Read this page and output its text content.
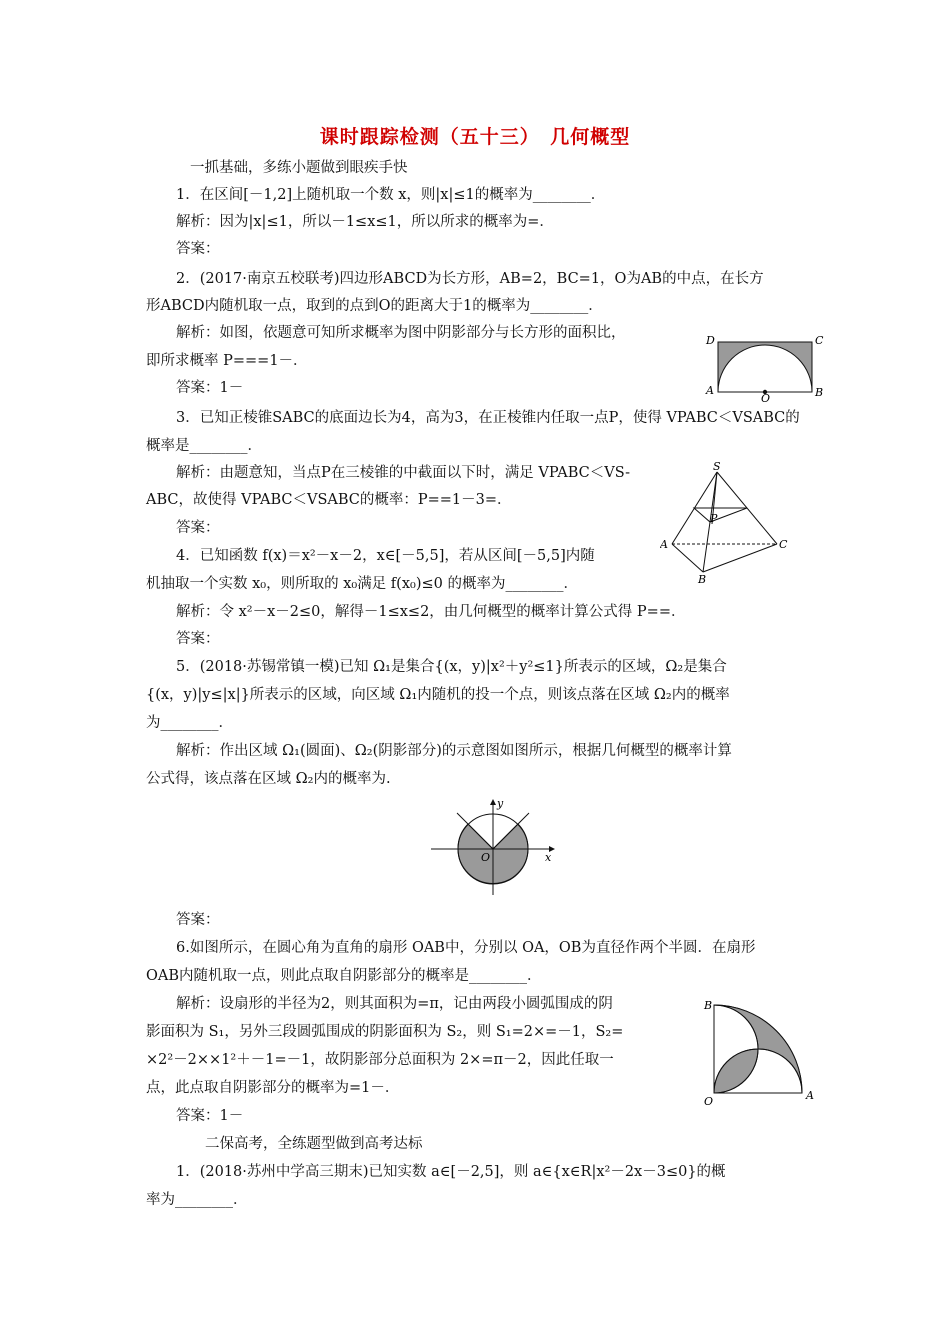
课时跟踪检测（五十三）　几何概型
一抓基础，多练小题做到眼疾手快
1．在区间[－1,2]上随机取一个数 x，则|x|≤1的概率为________．
解析：因为|x|≤1，所以－1≤x≤1，所以所求的概率为=．
答案：
2．(2017·南京五校联考)四边形ABCD为长方形，AB=2，BC=1，O为AB的中点，在长方
形ABCD内随机取一点，取到的点到O的距离大于1的概率为________．
解析：如图，依题意可知所求概率为图中阴影部分与长方形的面积比，
即所求概率 P===1－．
答案：1－
D	C
A
O	B
3．已知正棱锥SABC的底面边长为4，高为3，在正棱锥内任取一点P，使得 VPABC＜VSABC的
概率是________．
解析：由题意知，当点P在三棱锥的中截面以下时，满足 VPABC＜VS-
ABC，故使得 VPABC＜VSABC的概率：P==1－3=．
答案：
S
P
A	C
B
4．已知函数 f(x)＝x²－x－2，x∈[－5,5]，若从区间[－5,5]内随
机抽取一个实数 x₀，则所取的 x₀满足 f(x₀)≤0 的概率为________．
解析：令 x²－x－2≤0，解得－1≤x≤2，由几何概型的概率计算公式得 P==．
答案：
5．(2018·苏锡常镇一模)已知 Ω₁是集合{(x，y)|x²＋y²≤1}所表示的区域，Ω₂是集合
{(x，y)|y≤|x|}所表示的区域，向区域 Ω₁内随机的投一个点，则该点落在区域 Ω₂内的概率
为________．
解析：作出区域 Ω₁(圆面)、Ω₂(阴影部分)的示意图如图所示，根据几何概型的概率计算
公式得，该点落在区域 Ω₂内的概率为.
y
O	x
答案：
6.如图所示，在圆心角为直角的扇形 OAB中，分别以 OA，OB为直径作两个半圆．在扇形
OAB内随机取一点，则此点取自阴影部分的概率是________．
解析：设扇形的半径为2，则其面积为=π，记由两段小圆弧围成的阴
影面积为 S₁，另外三段圆弧围成的阴影面积为 S₂，则 S₁=2×=－1，S₂=
×2²－2××1²＋－1=－1，故阴影部分总面积为 2×=π－2，因此任取一
点，此点取自阴影部分的概率为=1－．
答案：1－
B
O	A
二保高考，全练题型做到高考达标
1．(2018·苏州中学高三期末)已知实数 a∈[－2,5]，则 a∈{x∈R|x²－2x－3≤0}的概
率为________．
